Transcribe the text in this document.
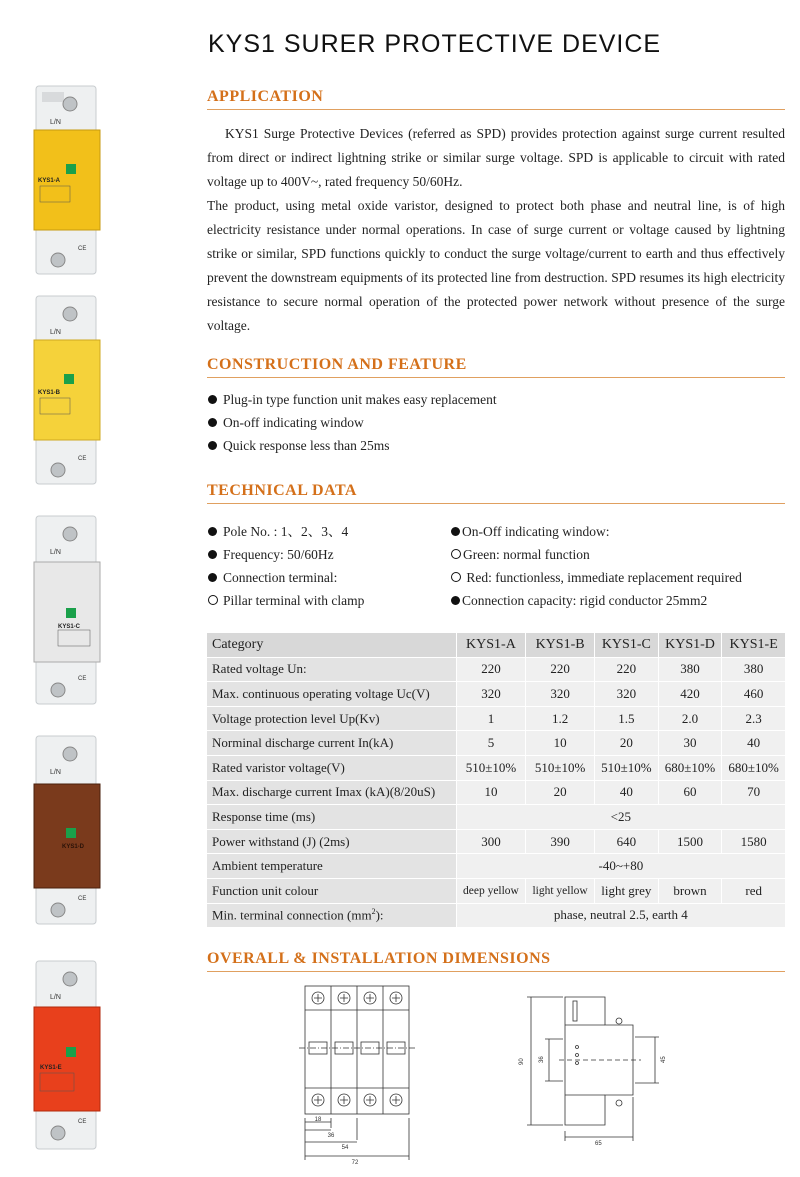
KYS1 SURER PROTECTIVE DEVICE
APPLICATION

KYS1 Surge Protective Devices (referred as SPD) provides protection against surge current resulted from direct or indirect lightning strike or similar surge voltage. SPD is applicable to circuit with rated voltage up to 400V~, rated frequency 50/60Hz.

The product, using metal oxide varistor, designed to protect both phase and neutral line, is of high electricity resistance under normal operations. In case of surge current or voltage caused by lightning strike or similar, SPD functions quickly to conduct the surge voltage/current to earth and thus effectively prevent the downstream equipments of its protected line from destruction. SPD resumes its high electricity resistance to secure normal operation of the protected power network without presence of the surge voltage.

CONSTRUCTION AND FEATURE
Plug-in type function unit makes easy replacement
On-off indicating window
Quick response less than 25ms
TECHNICAL DATA
Pole No. : 1、2、3、4
Frequency: 50/60Hz
Connection terminal:
Pillar terminal with clamp
On-Off indicating window:
Green: normal function
Red: functionless, immediate replacement required
Connection capacity: rigid conductor 25mm2
Category	KYS1-A	KYS1-B	KYS1-C	KYS1-D	KYS1-E
Rated voltage Un:	220	220	220	380	380
Max. continuous operating voltage Uc(V)	320	320	320	420	460
Voltage protection level Up(Kv)	1	1.2	1.5	2.0	2.3
Norminal discharge current In(kA)	5	10	20	30	40
Rated varistor voltage(V)	510±10%	510±10%	510±10%	680±10%	680±10%
Max. discharge current Imax (kA)(8/20uS)	10	20	40	60	70
Response time (ms)	<25				
Power withstand (J) (2ms)	300	390	640	1500	1580
Ambient temperature	-40~+80				
Function unit colour	deep yellow	light yellow	light grey	brown	red
Min. terminal connection $(mm^2)$:	phase, neutral 2.5, earth 4				
OVERALL & INSTALLATION DIMENSIONS
18
36
54
72
90 36	45
65
L/N
KYS1-A
CE
L/N
KYS1-B
CE
L/N
KYS1-C
CE
L/N
KYS1-D
CE
L/N
KYS1-E
CE
